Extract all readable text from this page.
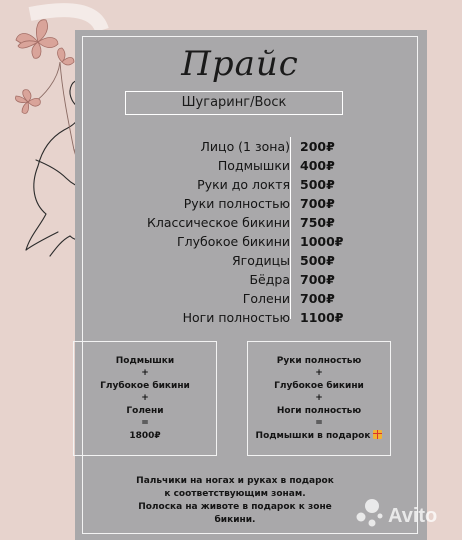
Прайс
Шугаринг/Воск
Лицо (1 зона) 200₽
Подмышки 400₽
Руки до локтя 500₽
Руки полностью 700₽
Классическое бикини 750₽
Глубокое бикини 1000₽
Ягодицы 500₽
Бёдра 700₽
Голени 700₽
Ноги полностью 1100₽
Подмышки
+
Глубокое бикини
+
Голени
=
1800₽
Руки полностью
+
Глубокое бикини
+
Ноги полностью
=
Подмышки в подарок
Пальчики на ногах и руках в подарок
к соответствующим зонам.
Полоска на животе в подарок к зоне бикини.	Avito
